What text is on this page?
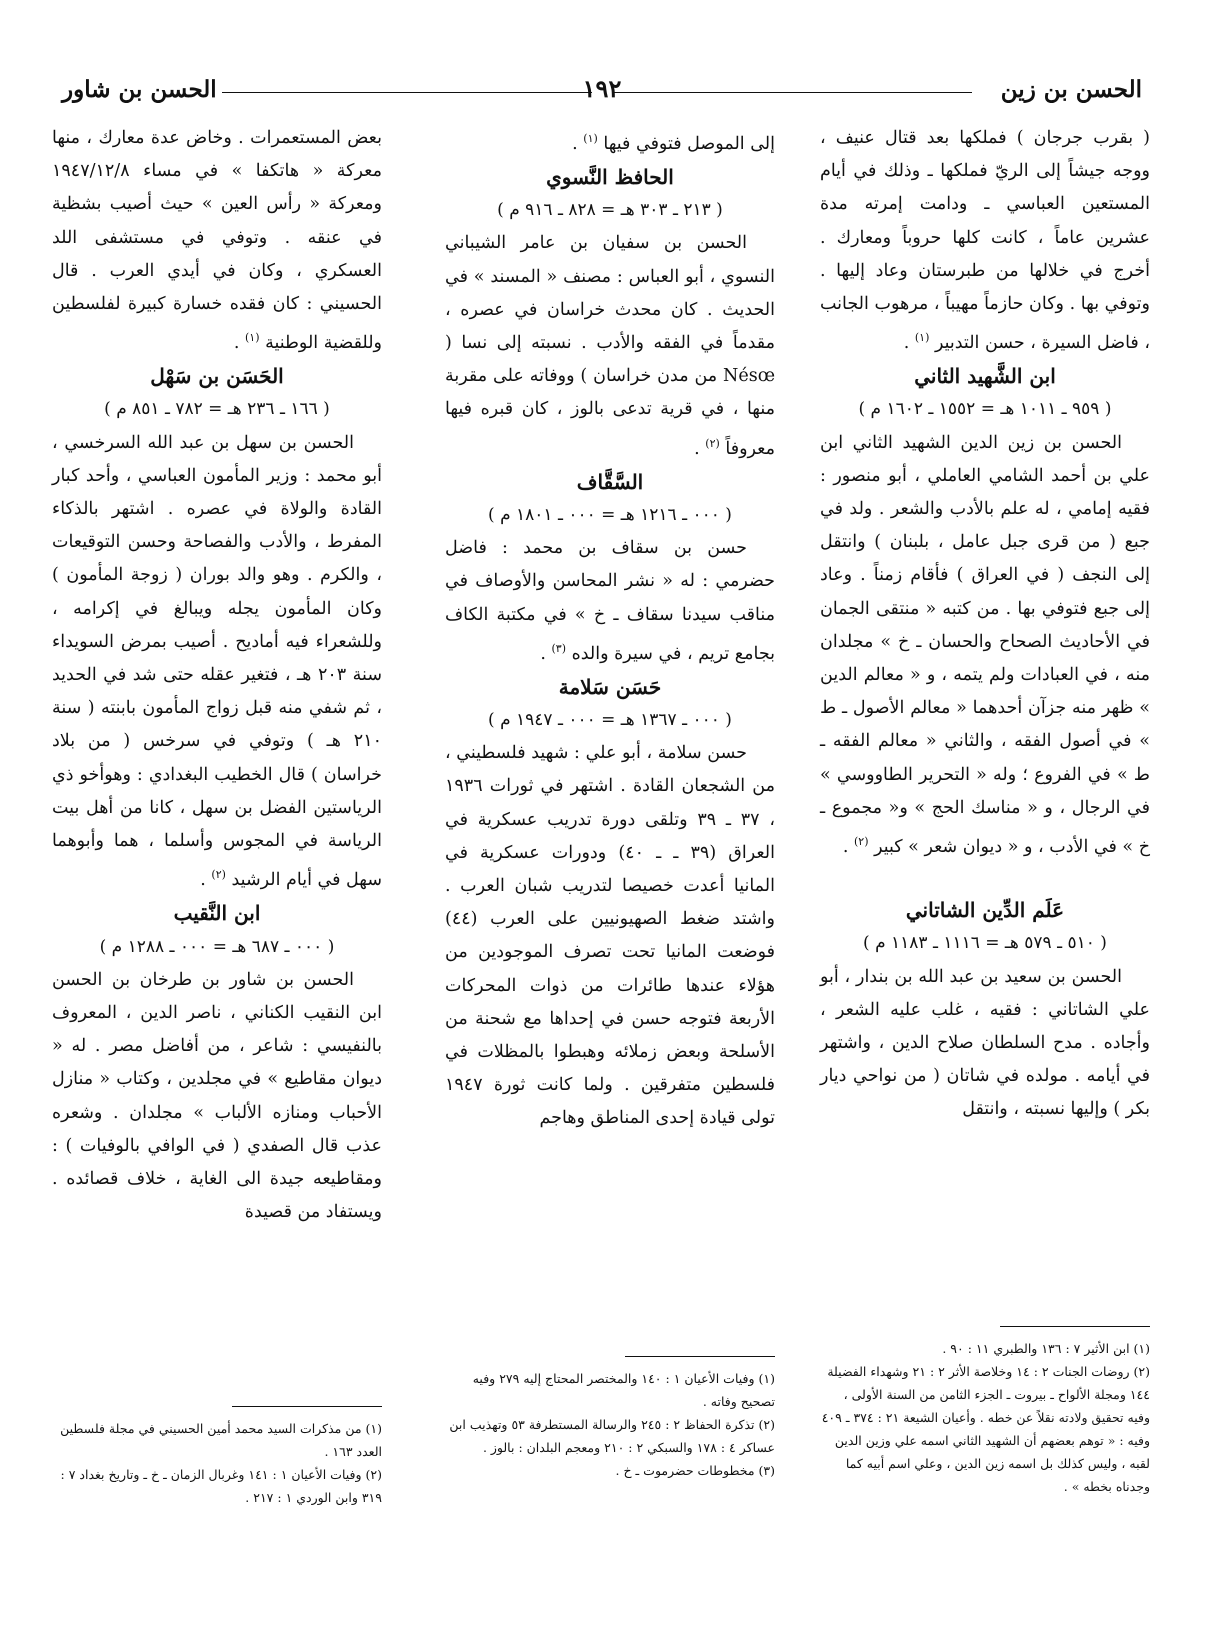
الحسن بن زين
١٩٢
الحسن بن شاور

( بقرب جرجان ) فملكها بعد قتال عنيف ، ووجه جيشاً إلى الريّ فملكها ـ وذلك في أيام المستعين العباسي ـ ودامت إمرته مدة عشرين عاماً ، كانت كلها حروباً ومعارك . أخرج في خلالها من طبرستان وعاد إليها . وتوفي بها . وكان حازماً مهيباً ، مرهوب الجانب ، فاضل السيرة ، حسن التدبير $^{(١)}$ .

ابن الشَّهيد الثاني

( ٩٥٩ ـ ١٠١١ هـ = ١٥٥٢ ـ ١٦٠٢ م )

الحسن بن زين الدين الشهيد الثاني ابن علي بن أحمد الشامي العاملي ، أبو منصور : فقيه إمامي ، له علم بالأدب والشعر . ولد في جبع ( من قرى جبل عامل ، بلبنان ) وانتقل إلى النجف ( في العراق ) فأقام زمناً . وعاد إلى جبع فتوفي بها . من كتبه « منتقى الجمان في الأحاديث الصحاح والحسان ـ خ » مجلدان منه ، في العبادات ولم يتمه ، و « معالم الدين » ظهر منه جزآن أحدهما « معالم الأصول ـ ط » في أصول الفقه ، والثاني « معالم الفقه ـ ط » في الفروع ؛ وله « التحرير الطاووسي » في الرجال ، و « مناسك الحج » و« مجموع ـ خ » في الأدب ، و « ديوان شعر » كبير $^{(٢)}$ .

عَلَم الدِّين الشاتاني

( ٥١٠ ـ ٥٧٩ هـ = ١١١٦ ـ ١١٨٣ م )

الحسن بن سعيد بن عبد الله بن بندار ، أبو علي الشاتاني : فقيه ، غلب عليه الشعر ، وأجاده . مدح السلطان صلاح الدين ، واشتهر في أيامه . مولده في شاتان ( من نواحي ديار بكر ) وإليها نسبته ، وانتقل

إلى الموصل فتوفي فيها $^{(١)}$ .

الحافظ النَّسوي

( ٢١٣ ـ ٣٠٣ هـ = ٨٢٨ ـ ٩١٦ م )

الحسن بن سفيان بن عامر الشيباني النسوي ، أبو العباس : مصنف « المسند » في الحديث . كان محدث خراسان في عصره ، مقدماً في الفقه والأدب . نسبته إلى نسا ( Nésœ من مدن خراسان ) ووفاته على مقربة منها ، في قرية تدعى بالوز ، كان قبره فيها معروفاً $^{(٢)}$ .

السَّقَّاف

( ٠٠٠ ـ ١٢١٦ هـ = ٠٠٠ ـ ١٨٠١ م )

حسن بن سقاف بن محمد : فاضل حضرمي : له « نشر المحاسن والأوصاف في مناقب سيدنا سقاف ـ خ » في مكتبة الكاف بجامع تريم ، في سيرة والده $^{(٣)}$ .

حَسَن سَلامة

( ٠٠٠ ـ ١٣٦٧ هـ = ٠٠٠ ـ ١٩٤٧ م )

حسن سلامة ، أبو علي : شهيد فلسطيني ، من الشجعان القادة . اشتهر في ثورات ١٩٣٦ ، ٣٧ ـ ٣٩ وتلقى دورة تدريب عسكرية في العراق (٣٩ ـ ـ ٤٠) ودورات عسكرية في المانيا أعدت خصيصا لتدريب شبان العرب . واشتد ضغط الصهيونيين على العرب (٤٤) فوضعت المانيا تحت تصرف الموجودين من هؤلاء عندها طائرات من ذوات المحركات الأربعة فتوجه حسن في إحداها مع شحنة من الأسلحة وبعض زملائه وهبطوا بالمظلات في فلسطين متفرقين . ولما كانت ثورة ١٩٤٧ تولى قيادة إحدى المناطق وهاجم

بعض المستعمرات . وخاض عدة معارك ، منها معركة « هاتكفا » في مساء ١٩٤٧/١٢/٨ ومعركة « رأس العين » حيث أصيب بشظية في عنقه . وتوفي في مستشفى اللد العسكري ، وكان في أيدي العرب . قال الحسيني : كان فقده خسارة كبيرة لفلسطين وللقضية الوطنية $^{(١)}$ .

الحَسَن بن سَهْل

( ١٦٦ ـ ٢٣٦ هـ = ٧٨٢ ـ ٨٥١ م )

الحسن بن سهل بن عبد الله السرخسي ، أبو محمد : وزير المأمون العباسي ، وأحد كبار القادة والولاة في عصره . اشتهر بالذكاء المفرط ، والأدب والفصاحة وحسن التوقيعات ، والكرم . وهو والد بوران ( زوجة المأمون ) وكان المأمون يجله ويبالغ في إكرامه ، وللشعراء فيه أماديح . أصيب بمرض السويداء سنة ٢٠٣ هـ ، فتغير عقله حتى شد في الحديد ، ثم شفي منه قبل زواج المأمون بابنته ( سنة ٢١٠ هـ ) وتوفي في سرخس ( من بلاد خراسان ) قال الخطيب البغدادي : وهوأخو ذي الرياستين الفضل بن سهل ، كانا من أهل بيت الرياسة في المجوس وأسلما ، هما وأبوهما سهل في أيام الرشيد $^{(٢)}$ .

ابن النَّقيب

( ٠٠٠ ـ ٦٨٧ هـ = ٠٠٠ ـ ١٢٨٨ م )

الحسن بن شاور بن طرخان بن الحسن ابن النقيب الكناني ، ناصر الدين ، المعروف بالنفيسي : شاعر ، من أفاضل مصر . له « ديوان مقاطيع » في مجلدين ، وكتاب « منازل الأحباب ومنازه الألباب » مجلدان . وشعره عذب قال الصفدي ( في الوافي بالوفيات ) : ومقاطيعه جيدة الى الغاية ، خلاف قصائده . ويستفاد من قصيدة

(١) ابن الأثير ٧ : ١٣٦ والطبري ١١ : ٩٠ .

(٢) روضات الجنات ٢ : ١٤ وخلاصة الأثر ٢ : ٢١ وشهداء الفضيلة ١٤٤ ومجلة الألواح ـ بيروت ـ الجزء الثامن من السنة الأولى ، وفيه تحقيق ولادته نقلاً عن خطه . وأعيان الشيعة ٢١ : ٣٧٤ ـ ٤٠٩ وفيه : « توهم بعضهم أن الشهيد الثاني اسمه علي وزين الدين لقبه ، وليس كذلك بل اسمه زين الدين ، وعلي اسم أبيه كما وجدناه بخطه » .

(١) وفيات الأعيان ١ : ١٤٠ والمختصر المحتاج إليه ٢٧٩ وفيه تصحيح وفاته .

(٢) تذكرة الحفاظ ٢ : ٢٤٥ والرسالة المستطرفة ٥٣ وتهذيب ابن عساكر ٤ : ١٧٨ والسبكي ٢ : ٢١٠ ومعجم البلدان : بالوز .

(٣) مخطوطات حضرموت ـ خ .

(١) من مذكرات السيد محمد أمين الحسيني في مجلة فلسطين العدد ١٦٣ .

(٢) وفيات الأعيان ١ : ١٤١ وغربال الزمان ـ خ ـ وتاريخ بغداد ٧ : ٣١٩ وابن الوردي ١ : ٢١٧ .
